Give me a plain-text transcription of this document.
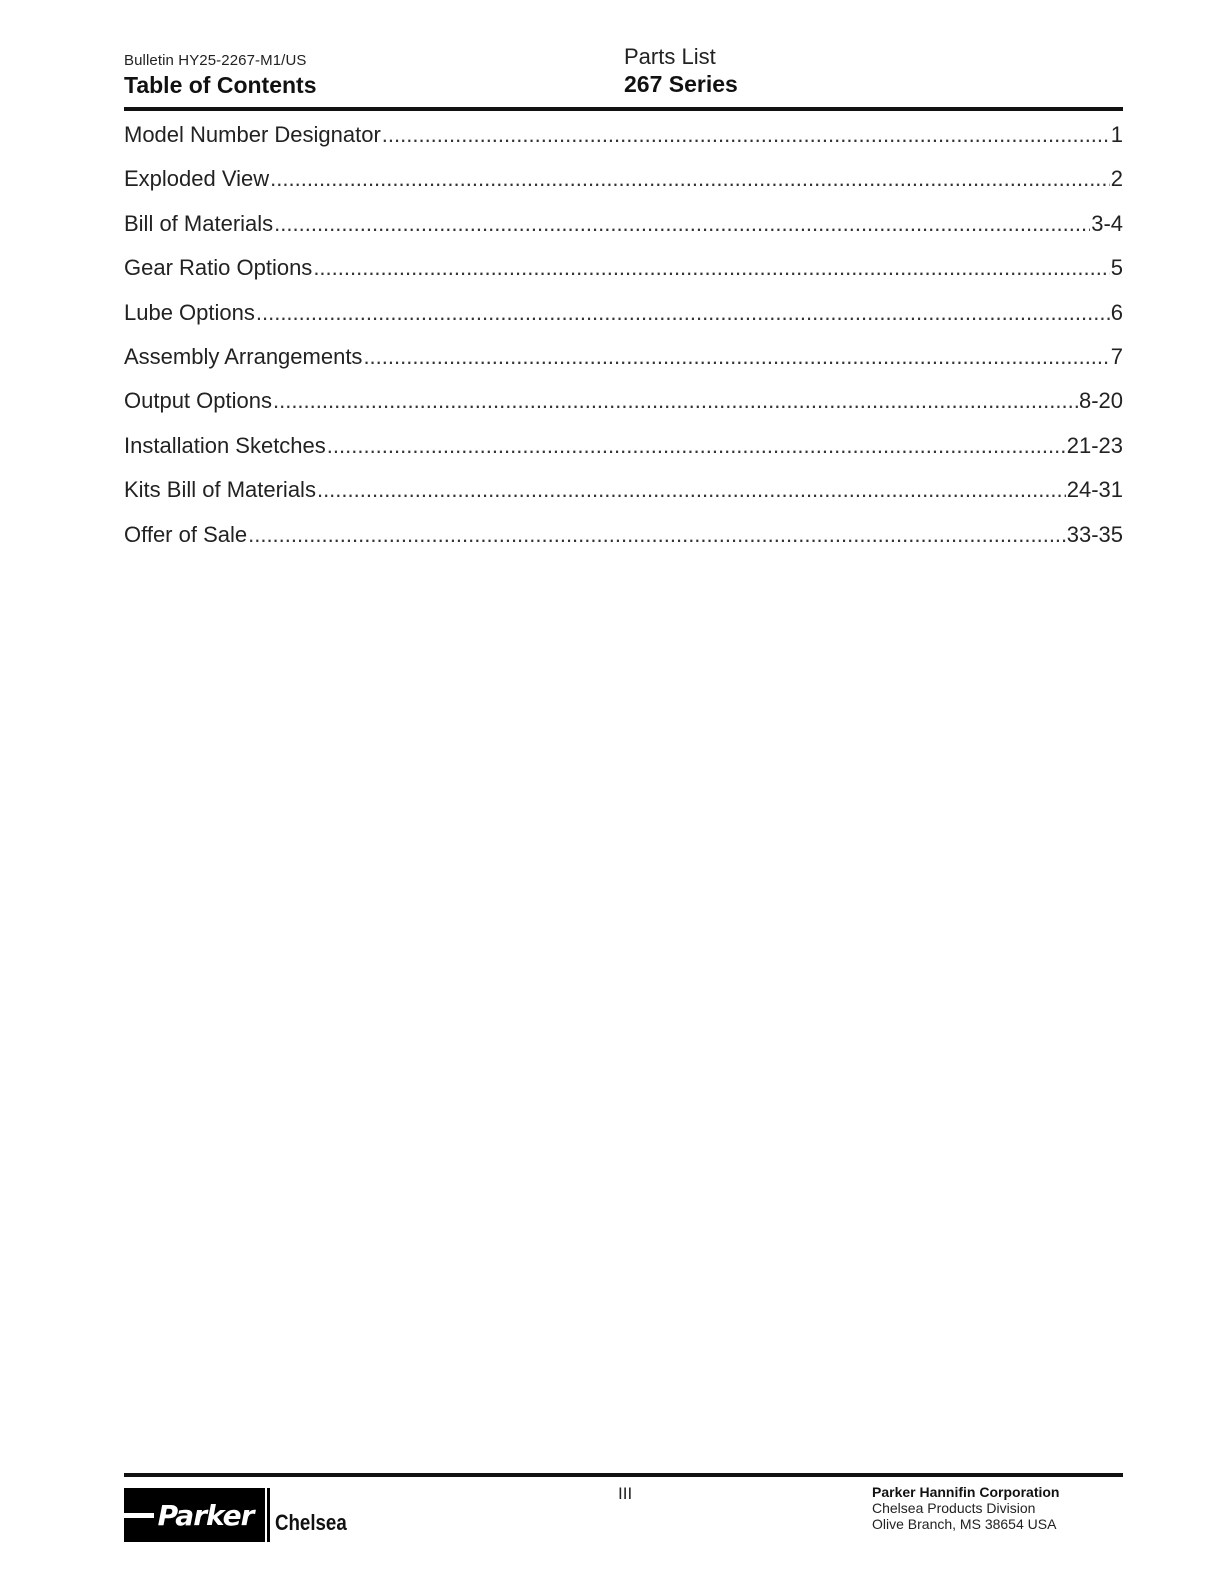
Bulletin HY25-2267-M1/US
Table of Contents
Parts List
267 Series
Model Number Designator .....	1
Exploded View .....	2
Bill of Materials .....	3-4
Gear Ratio Options .....	5
Lube Options .....	6
Assembly Arrangements .....	7
Output Options .....	8-20
Installation Sketches .....	21-23
Kits Bill of Materials .....	24-31
Offer of Sale .....	33-35
Parker Chelsea
III	Parker Hannifin Corporation
Chelsea Products Division
Olive Branch, MS 38654 USA
